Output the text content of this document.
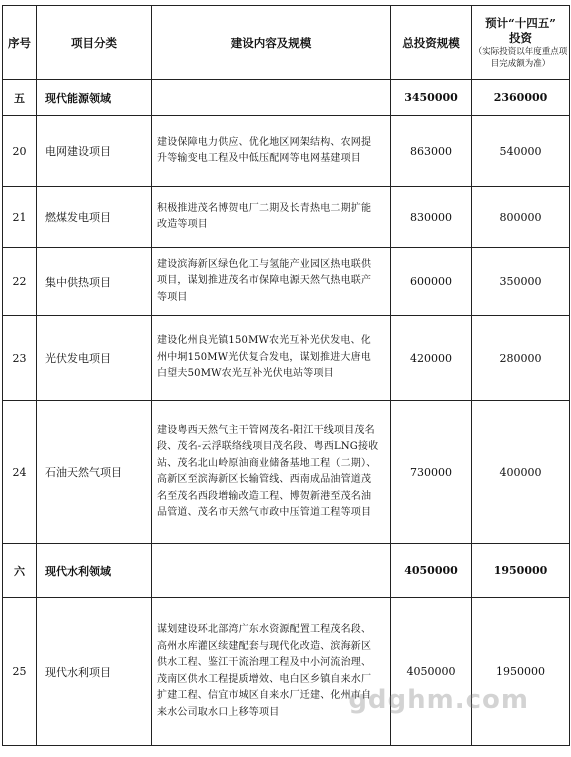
序号	项目分类	建设内容及规模	总投资规模	预计“十四五”
投资
（实际投资以年度重点项目完成额为准）

五	现代能源领域		3450000	2360000
20	电网建设项目	建设保障电力供应、优化地区网架结构、农网提升等输变电工程及中低压配网等电网基建项目	863000	540000
21	燃煤发电项目	积极推进茂名博贺电厂二期及长青热电二期扩能改造等项目	830000	800000
22	集中供热项目	建设滨海新区绿色化工与氢能产业园区热电联供项目，谋划推进茂名市保障电源天然气热电联产等项目	600000	350000
23	光伏发电项目	建设化州良光镇150MW农光互补光伏发电、化州中垌150MW光伏复合发电，谋划推进大唐电白望夫50MW农光互补光伏电站等项目	420000	280000
24	石油天然气项目	建设粤西天然气主干管网茂名-阳江干线项目茂名段、茂名-云浮联络线项目茂名段、粤西LNG接收站、茂名北山岭原油商业储备基地工程（二期）、高新区至滨海新区长输管线、西南成品油管道茂名至茂名西段增输改造工程、博贺新港至茂名油品管道、茂名市天然气市政中压管道工程等项目	730000	400000
六	现代水利领域		4050000	1950000
25	现代水利项目	谋划建设环北部湾广东水资源配置工程茂名段、高州水库灌区续建配套与现代化改造、滨海新区供水工程、鉴江干流治理工程及中小河流治理、茂南区供水工程提质增效、电白区乡镇自来水厂扩建工程、信宜市城区自来水厂迁建、化州市自来水公司取水口上移等项目	4050000	1950000
gdghm.com
